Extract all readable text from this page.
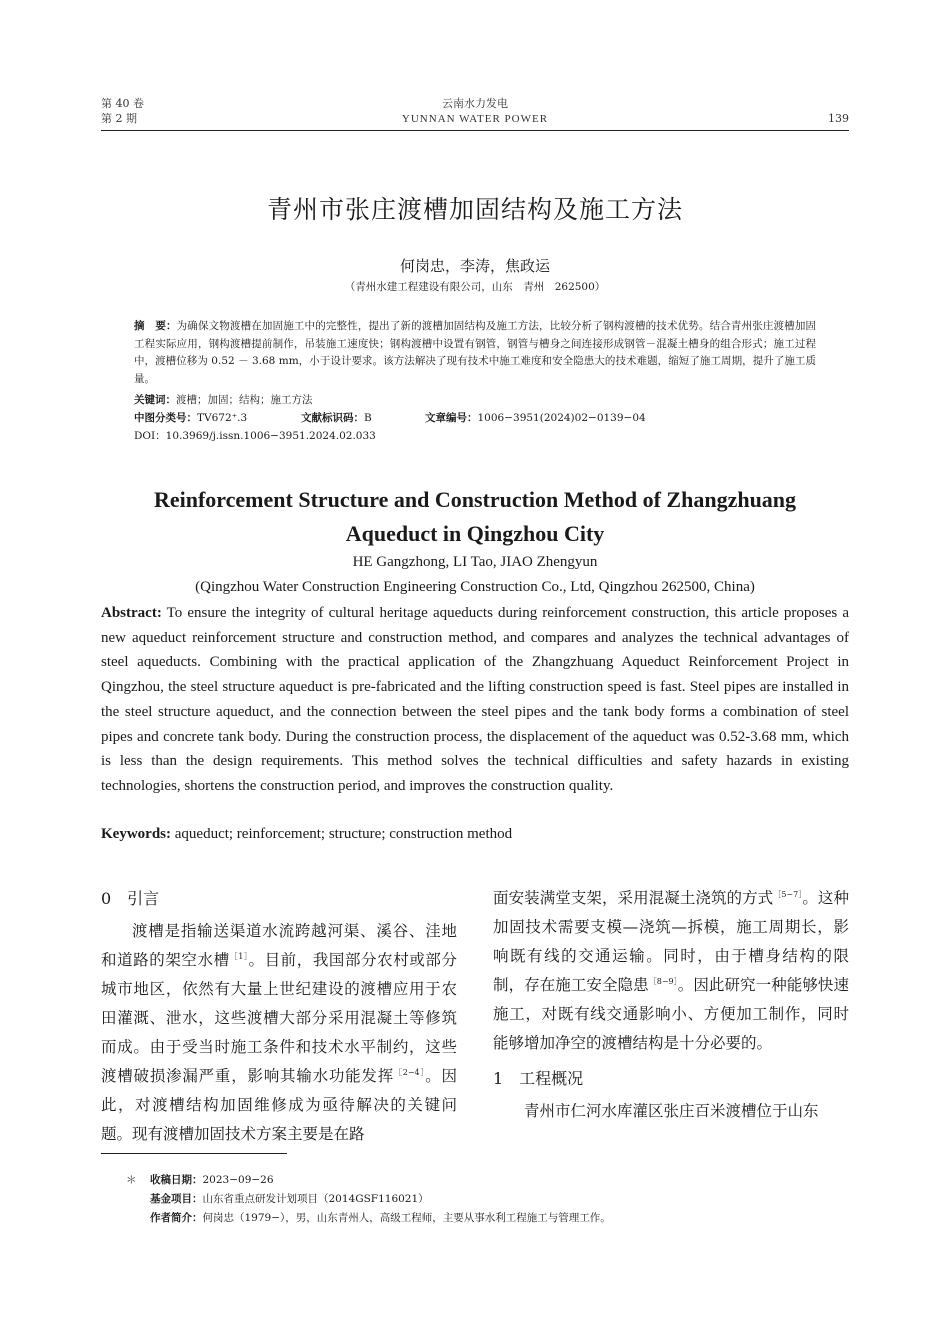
第 40 卷
第 2 期
云南水力发电
YUNNAN WATER POWER	139
青州市张庄渡槽加固结构及施工方法
何岗忠，李涛，焦政运
（青州水建工程建设有限公司，山东　青州　262500）
摘　要：为确保文物渡槽在加固施工中的完整性，提出了新的渡槽加固结构及施工方法，比较分析了钢构渡槽的技术优势。结合青州张庄渡槽加固工程实际应用，钢构渡槽提前制作，吊装施工速度快；钢构渡槽中设置有钢管，钢管与槽身之间连接形成钢管－混凝土槽身的组合形式；施工过程中，渡槽位移为 0.52 － 3.68 mm，小于设计要求。该方法解决了现有技术中施工难度和安全隐患大的技术难题，缩短了施工周期，提升了施工质量。
关键词：渡槽；加固；结构；施工方法
中图分类号：TV672⁺.3	文献标识码：B	文章编号：1006−3951(2024)02−0139−04
DOI：10.3969/j.issn.1006−3951.2024.02.033
Reinforcement Structure and Construction Method of Zhangzhuang Aqueduct in Qingzhou City
HE Gangzhong, LI Tao, JIAO Zhengyun
(Qingzhou Water Construction Engineering Construction Co., Ltd, Qingzhou 262500, China)
Abstract: To ensure the integrity of cultural heritage aqueducts during reinforcement construction, this article proposes a new aqueduct reinforcement structure and construction method, and compares and analyzes the technical advantages of steel aqueducts. Combining with the practical application of the Zhangzhuang Aqueduct Reinforcement Project in Qingzhou, the steel structure aqueduct is pre-fabricated and the lifting construction speed is fast. Steel pipes are installed in the steel structure aqueduct, and the connection between the steel pipes and the tank body forms a combination of steel pipes and concrete tank body. During the construction process, the displacement of the aqueduct was 0.52-3.68 mm, which is less than the design requirements. This method solves the technical difficulties and safety hazards in existing technologies, shortens the construction period, and improves the construction quality.
Keywords: aqueduct; reinforcement; structure; construction method

0　引言

渡槽是指输送渠道水流跨越河渠、溪谷、洼地和道路的架空水槽$^{[1]}$。目前，我国部分农村或部分城市地区，依然有大量上世纪建设的渡槽应用于农田灌溉、泄水，这些渡槽大部分采用混凝土等修筑而成。由于受当时施工条件和技术水平制约，这些渡槽破损渗漏严重，影响其输水功能发挥$^{[2-4]}$。因此，对渡槽结构加固维修成为亟待解决的关键问题。现有渡槽加固技术方案主要是在路

面安装满堂支架，采用混凝土浇筑的方式$^{[5-7]}$。这种加固技术需要支模—浇筑—拆模，施工周期长，影响既有线的交通运输。同时，由于槽身结构的限制，存在施工安全隐患$^{[8-9]}$。因此研究一种能够快速施工，对既有线交通影响小、方便加工制作，同时能够增加净空的渡槽结构是十分必要的。

1　工程概况

青州市仁河水库灌区张庄百米渡槽位于山东

＊ 收稿日期：2023−09−26
基金项目：山东省重点研发计划项目（2014GSF116021）
作者简介：何岗忠（1979−），男，山东青州人，高级工程师，主要从事水利工程施工与管理工作。
